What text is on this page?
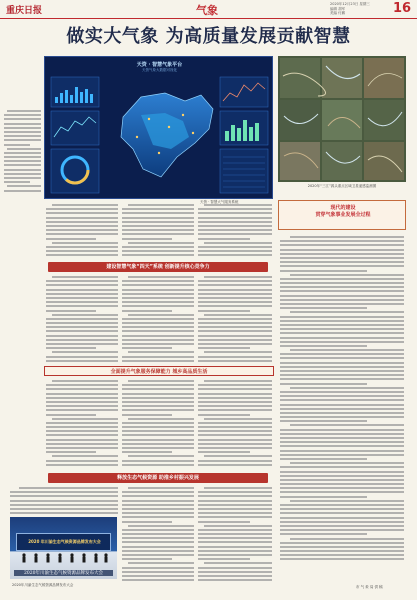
重庆日报	气象	2020年12月23日 星期三
编辑 胡军
美编 付鹏	16
做实大气象 为高质量发展贡献智慧
天资 · 智慧气象平台
天资气象大数据可视化
天资 · 智慧大气服务系统
2020年“三江”源头重点区域卫星遥感监测图
现代的建设
贯穿气象事业发展全过程
建设智慧气象“四天”系统 创新提升核心竞争力
全面提升气象服务保障能力 城乡高品质生活
释放生态气候资源 助推乡村振兴发展
市 气 象 局 供 稿
2020 年川渝生态气候资源品牌发布大会
2020年川渝生态气候资源品牌发布大会
2020年川渝生态气候资源品牌发布大会
